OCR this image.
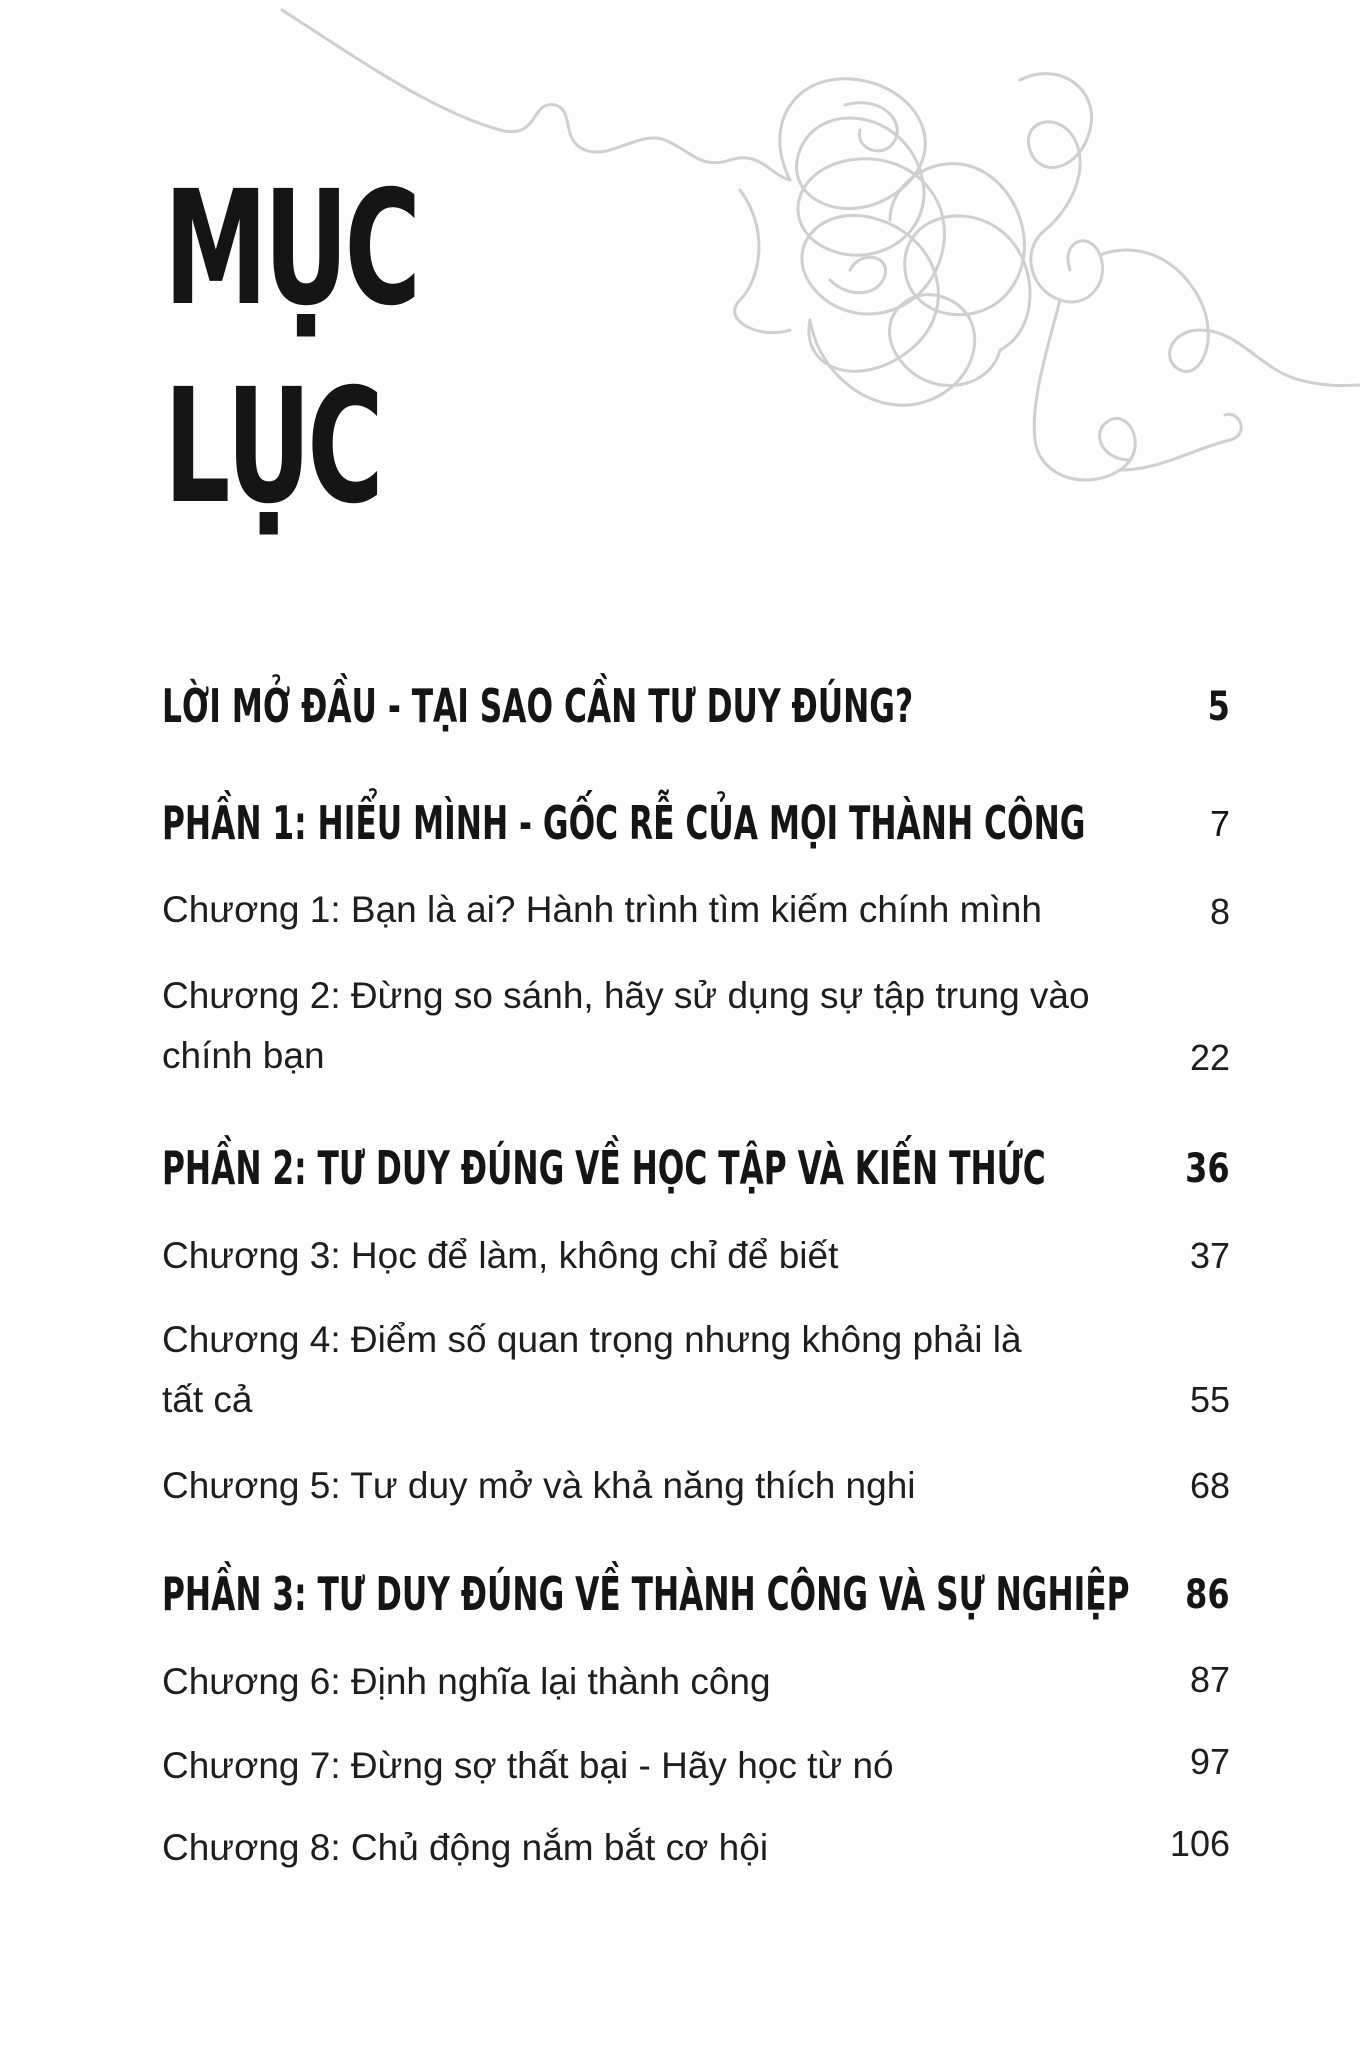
MỤC
LỤC
LỜI MỞ ĐẦU - TẠI SAO CẦN TƯ DUY ĐÚNG?	5
PHẦN 1: HIỂU MÌNH - GỐC RỄ CỦA MỌI THÀNH CÔNG	7
Chương 1: Bạn là ai? Hành trình tìm kiếm chính mình	8
Chương 2: Đừng so sánh, hãy sử dụng sự tập trung vào chính bạn	22
PHẦN 2: TƯ DUY ĐÚNG VỀ HỌC TẬP VÀ KIẾN THỨC	36
Chương 3: Học để làm, không chỉ để biết	37
Chương 4: Điểm số quan trọng nhưng không phải là tất cả	55
Chương 5: Tư duy mở và khả năng thích nghi	68
PHẦN 3: TƯ DUY ĐÚNG VỀ THÀNH CÔNG VÀ SỰ NGHIỆP 86
Chương 6: Định nghĩa lại thành công	87
Chương 7: Đừng sợ thất bại - Hãy học từ nó	97
Chương 8: Chủ động nắm bắt cơ hội	106
